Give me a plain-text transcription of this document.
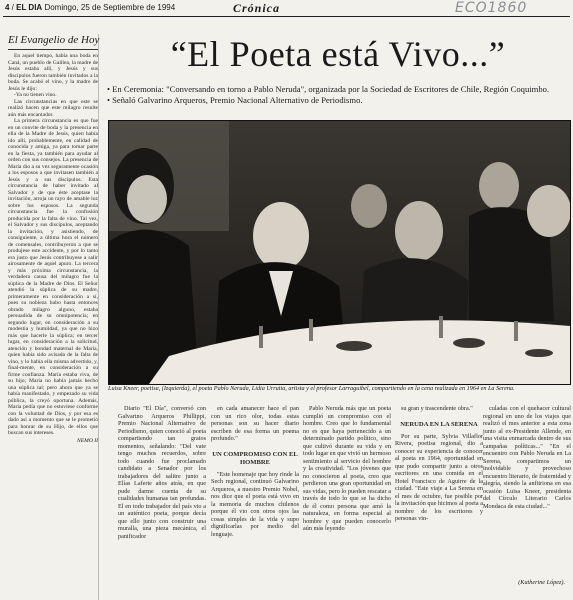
4 / EL DIA Domingo, 25 de Septiembre de 1994	Crónica	ECO1860
El Evangelio de Hoy

En aquel tiempo, había una boda en Caná, un pueblo de Galilea, la madre de Jesús estaba allí, y Jesús y sus discípulos fueron también invitados a la boda. Se acabó el vino, y la madre de Jesús le dijo:

-Ya no tienen vino.

Las circunstancias en que este se realizó hacen que este milagro resulte aún más encantador.

La primera circunstancia es que fue en un convite de boda y la presencia en ella de la Madre de Jesús, quien había ido allí, probablemente, en calidad de conocida y amiga, ya para tomar parte en la fiesta, ya también para ayudar al orden con sus consejos. La presencia de María dio a su vez seguramente ocasión a los esposos a que invitasen también a Jesús y a sus discípulos. Esta circunstancia de haber invitado al Salvador y de que éste aceptase la invitación, arroja un rayo de amable luz sobre los esposos. La segunda circunstancia fue la confusión producida por la falta de vino. Tal vez, el Salvador y sus discípulos, aceptando la invitación, y asistiendo, de consiguiente, a última hora el número de comensales, contribuyeron a que se produjese este accidente, y por lo tanto era justo que Jesús contribuyese a salir airosamente de aquel apuro. La tercera y más próxima circunstancia, la verdadera causa del milagro fue la súplica de la Madre de Dios. El Señor atendió la súplica de su madre, primeramente en consideración a sí, pues su nobleza hubo hasta entonces obrado milagro alguno, estaba persuadida de su omnipotencia; en segundo lugar, en consideración a su modestia y humildad, ya que no hizo más que hacerle la súplica; en tercer lugar, en consideración a la solicitud, atención y bondad maternal de María, quien había sido avisada de la falta de vino, y lo había ella misma advertido, y, final-mente, en consideración a su firme confianza. María estaba viva, de su hijo; María no había jamás hecho una súplica tal; pero ahora que ya se había manifestado, y empezado su vida pública, la creyó oportuna. Además, María pedía que no estuviese conforme con la voluntad de Dios, y por esa es dado así a momento que se le prometió para honrar de su Hijo, de ellos que buscan sus intereses.

NEMO II
“El Poeta está Vivo...”
• En Ceremonia: "Conversando en torno a Pablo Neruda", organizada por la Sociedad de Escritores de Chile, Región Coquimbo.
• Señaló Galvarino Arqueros, Premio Nacional Alternativo de Periodismo.
Luisa Kneer, poetisa, (Izquierda), el poeta Pablo Neruda, Lidia Urrutia, artista y el profesor Larraguibel, compartiendo en la cena realizada en 1964 en La Serena.

Diario "El Día", conversó con Galvarino Arqueros Phillippi, Premio Nacional Alternativo de Periodismo, quien conoció al poeta compartiendo tan gratos momentos, señalando: "Del vate tengo muchos recuerdos, sobre todo cuando fue proclamado candidato a Senador por los trabajadores del salitre junto a Elías Laferte años atrás, en que pude darme cuenta de su cualidades humanas tan profundas. El en todo trabajador del país vio a un auténtico poeta, porque decía que ello junto con construir una muralla, una pieza mecánica, el panificador

en cada amanecer hace el pan con un rico olor, todas estas personas son su hacer diario escriben de esa forma un poema profundo."

UN COMPROMISO CON EL HOMBRE

"Este homenaje que hoy rinde la Sech regional, continuó Galvarino Arqueros, a nuestro Premio Nobel, nos dice que el poeta está vivo en la memoria de muchos chilenos porque él vio con otros ojos las cosas simples de la vida y supo dignificarlas por medio del lenguaje.

Pablo Neruda más que un poeta cumplió un compromiso con el hombre. Creo que lo fundamental no es que haya pertenecido a un determinado partido político, sino que cultivó durante su vida y en todo lugar en que vivió un hermoso sentimiento al servicio del hombre y la creatividad. "Los jóvenes que no conocieron al poeta, creo que perdieron una gran oportunidad en sus vidas, pero lo pueden rescatar a través de todo lo que se ha dicho de él como persona que amó la naturaleza, en forma especial al hombre y que pueden conocerlo aún más leyendo

su gran y trascendente obra."

NERUDA EN LA SERENA

Por su parte, Sylvia Villaflor Rivera, poetisa regional, dio a conocer su experiencia de conocer al poeta en 1964, oportunidad en que pudo compartir junto a otros escritores en una comida en el Hotel Francisco de Aguirre de la ciudad. "Este viaje a La Serena en el mes de octubre, fue posible por la invitación que hicimos al poeta a nombre de los escritores y personas vin-

culadas con el quehacer cultural regional en uno de los viajes que realizó el mes anterior a esta zona junto al ex-Presidente Allende, en una visita enmarcada dentro de sus campañas políticas..." "En el encuentro con Pablo Neruda en La Serena, compartimos un inolvidable y provechoso encuentro literario, de fraternidad y alegría, siendo la anfitriona en esa ocasión Luisa Kneer, presidenta del Círculo Literario Carlos Mondaca de esta ciudad..."

(Katherine López).
